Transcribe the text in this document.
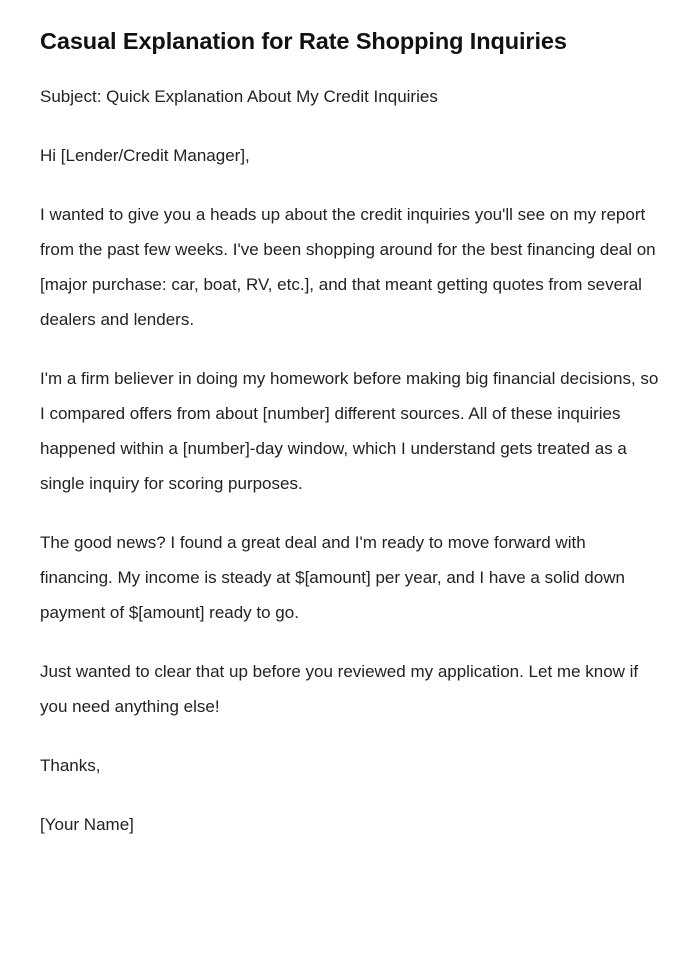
Casual Explanation for Rate Shopping Inquiries

Subject: Quick Explanation About My Credit Inquiries

Hi [Lender/Credit Manager],

I wanted to give you a heads up about the credit inquiries you'll see on my report from the past few weeks. I've been shopping around for the best financing deal on [major purchase: car, boat, RV, etc.], and that meant getting quotes from several dealers and lenders.

I'm a firm believer in doing my homework before making big financial decisions, so I compared offers from about [number] different sources. All of these inquiries happened within a [number]-day window, which I understand gets treated as a single inquiry for scoring purposes.

The good news? I found a great deal and I'm ready to move forward with financing. My income is steady at $[amount] per year, and I have a solid down payment of $[amount] ready to go.

Just wanted to clear that up before you reviewed my application. Let me know if you need anything else!

Thanks,

[Your Name]
